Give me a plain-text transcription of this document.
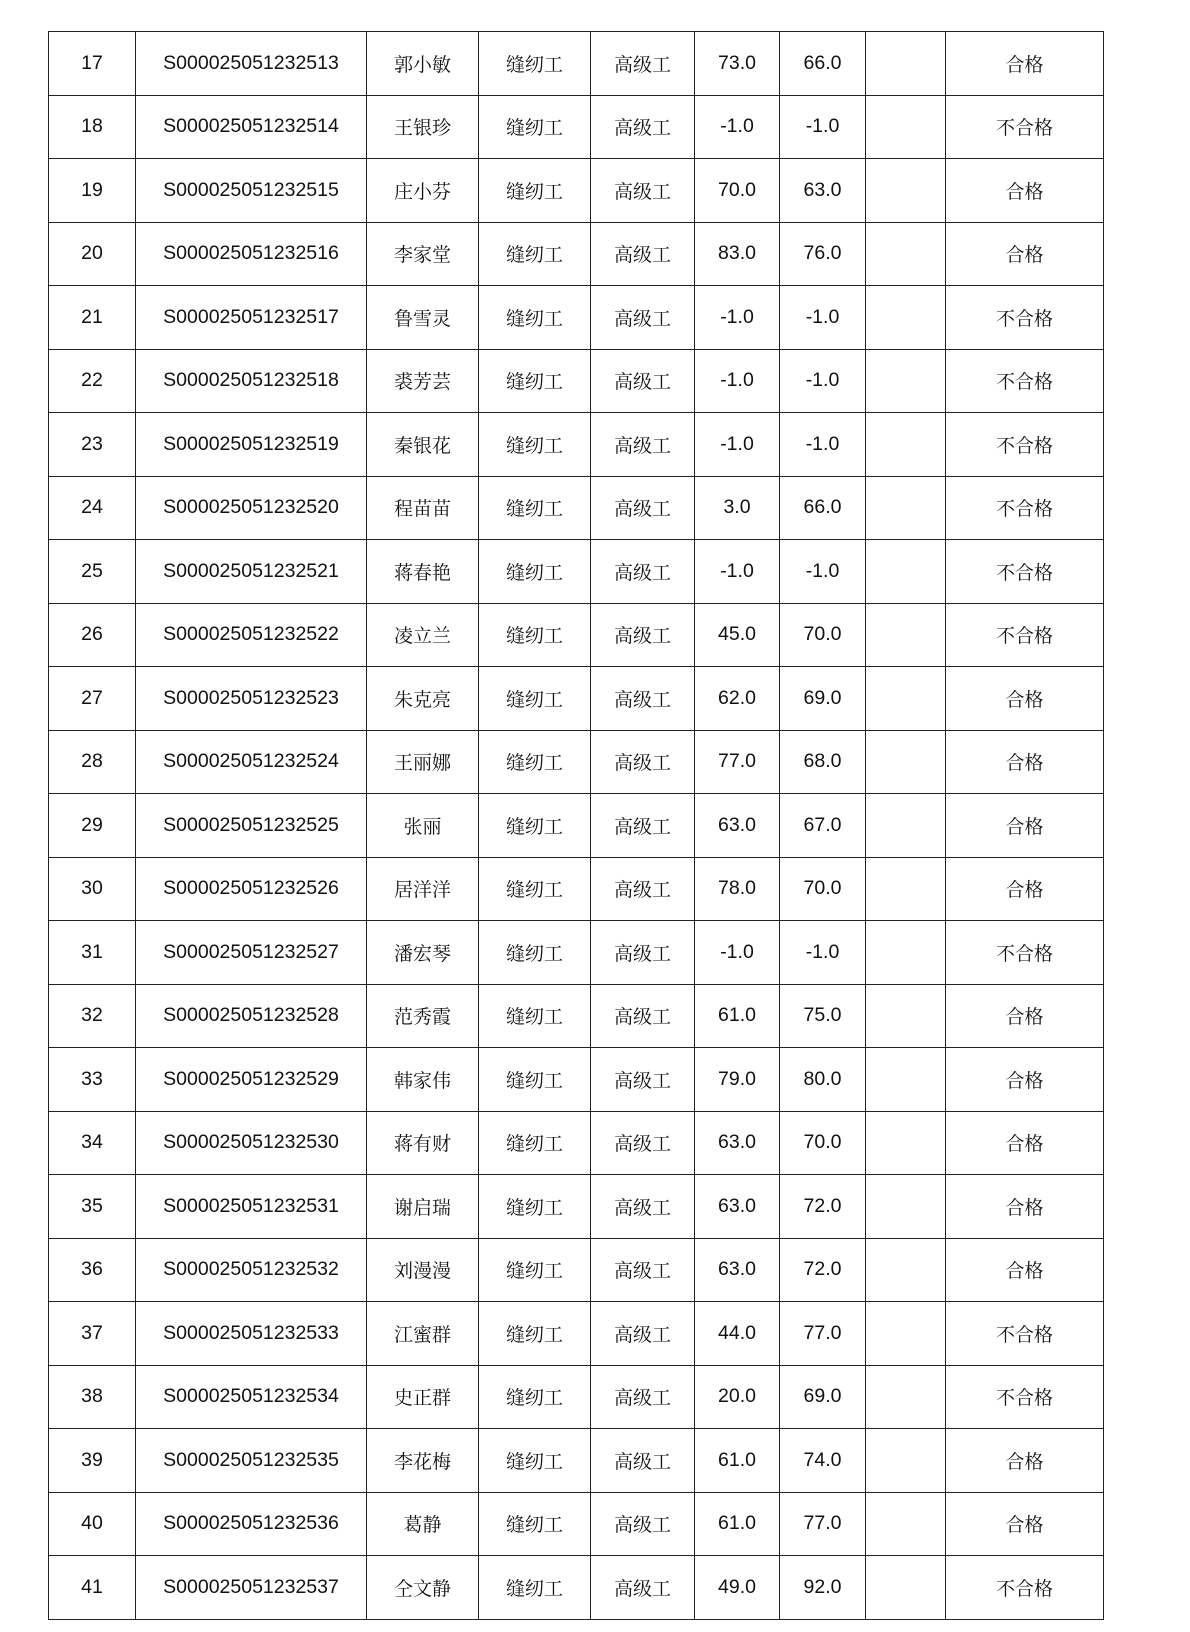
17	S000025051232513	郭小敏	缝纫工	高级工	73.0	66.0		合格
18	S000025051232514	王银珍	缝纫工	高级工	-1.0	-1.0		不合格
19	S000025051232515	庄小芬	缝纫工	高级工	70.0	63.0		合格
20	S000025051232516	李家堂	缝纫工	高级工	83.0	76.0		合格
21	S000025051232517	鲁雪灵	缝纫工	高级工	-1.0	-1.0		不合格
22	S000025051232518	裘芳芸	缝纫工	高级工	-1.0	-1.0		不合格
23	S000025051232519	秦银花	缝纫工	高级工	-1.0	-1.0		不合格
24	S000025051232520	程苗苗	缝纫工	高级工	3.0	66.0		不合格
25	S000025051232521	蒋春艳	缝纫工	高级工	-1.0	-1.0		不合格
26	S000025051232522	凌立兰	缝纫工	高级工	45.0	70.0		不合格
27	S000025051232523	朱克亮	缝纫工	高级工	62.0	69.0		合格
28	S000025051232524	王丽娜	缝纫工	高级工	77.0	68.0		合格
29	S000025051232525	张丽	缝纫工	高级工	63.0	67.0		合格
30	S000025051232526	居洋洋	缝纫工	高级工	78.0	70.0		合格
31	S000025051232527	潘宏琴	缝纫工	高级工	-1.0	-1.0		不合格
32	S000025051232528	范秀霞	缝纫工	高级工	61.0	75.0		合格
33	S000025051232529	韩家伟	缝纫工	高级工	79.0	80.0		合格
34	S000025051232530	蒋有财	缝纫工	高级工	63.0	70.0		合格
35	S000025051232531	谢启瑞	缝纫工	高级工	63.0	72.0		合格
36	S000025051232532	刘漫漫	缝纫工	高级工	63.0	72.0		合格
37	S000025051232533	江蜜群	缝纫工	高级工	44.0	77.0		不合格
38	S000025051232534	史正群	缝纫工	高级工	20.0	69.0		不合格
39	S000025051232535	李花梅	缝纫工	高级工	61.0	74.0		合格
40	S000025051232536	葛静	缝纫工	高级工	61.0	77.0		合格
41	S000025051232537	仝文静	缝纫工	高级工	49.0	92.0		不合格
